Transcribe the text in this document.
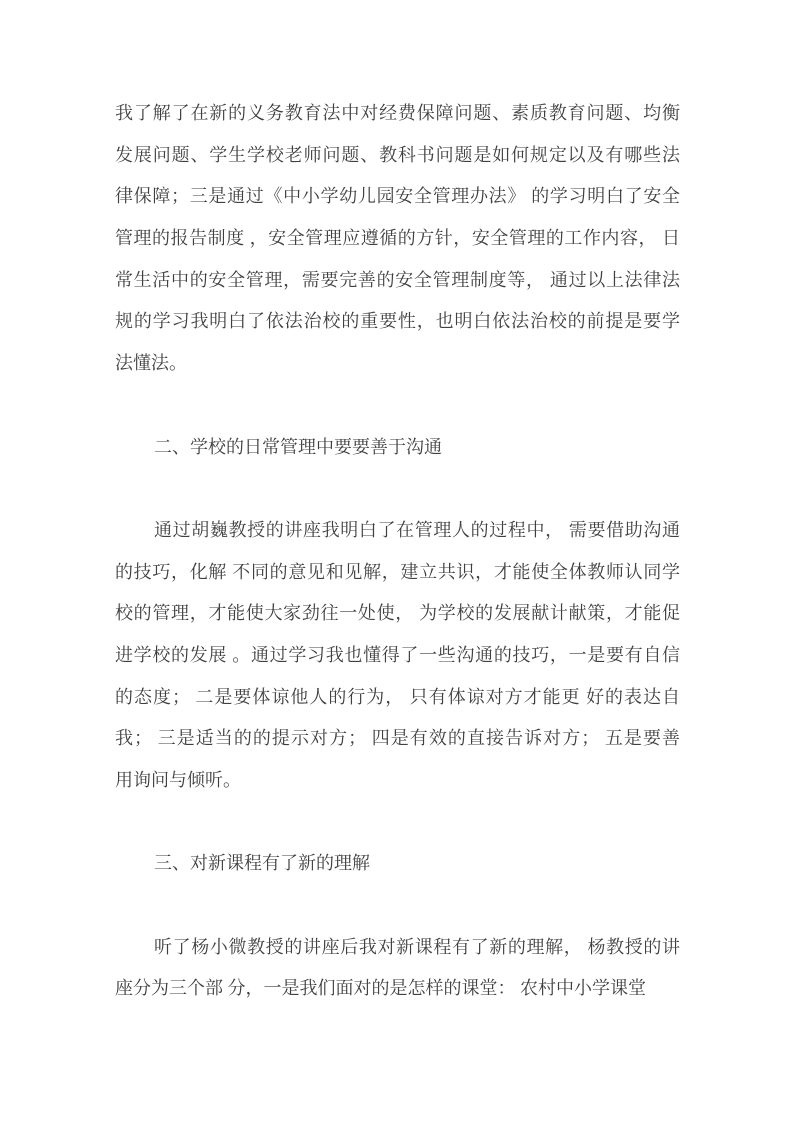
我了解了在新的义务教育法中对经费保障问题、素质教育问题、均衡
发展问题、学生学校老师问题、教科书问题是如何规定以及有哪些法
律保障；三是通过《中小学幼儿园安全管理办法》 的学习明白了安全
管理的报告制度 ，安全管理应遵循的方针，安全管理的工作内容， 日
常生活中的安全管理，需要完善的安全管理制度等， 通过以上法律法
规的学习我明白了依法治校的重要性，也明白依法治校的前提是要学
法懂法。
二、学校的日常管理中要要善于沟通
通过胡巍教授的讲座我明白了在管理人的过程中， 需要借助沟通
的技巧，化解 不同的意见和见解，建立共识，才能使全体教师认同学
校的管理，才能使大家劲往一处使， 为学校的发展献计献策，才能促
进学校的发展 。通过学习我也懂得了一些沟通的技巧，一是要有自信
的态度； 二是要体谅他人的行为， 只有体谅对方才能更 好的表达自
我； 三是适当的的提示对方； 四是有效的直接告诉对方； 五是要善
用询问与倾听。
三、对新课程有了新的理解
听了杨小微教授的讲座后我对新课程有了新的理解， 杨教授的讲
座分为三个部 分，一是我们面对的是怎样的课堂： 农村中小学课堂
